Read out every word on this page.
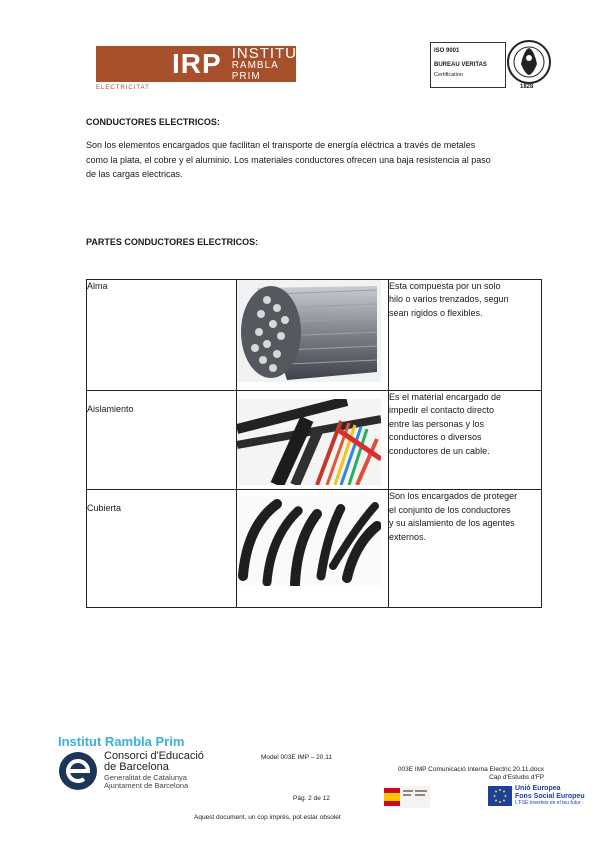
IRP INSTITUT
RAMBLA PRIM
ELECTRICITAT
ISO 9001
BUREAU VERITAS
Certification
1828
CONDUCTORES ELECTRICOS:
Son los elementos encargados que facilitan el transporte de energía eléctrica a través de metales
como la plata, el cobre y el aluminio. Los materiales conductores ofrecen una baja resistencia al paso
de las cargas electricas.
PARTES CONDUCTORES ELECTRICOS:
Alma		Esta compuesta por un solo
hilo o varios trenzados, segun
sean rigidos o flexibles.

Aislamiento		Es el material encargado de
impedir el contacto directo
entre las personas y los
conductores o diversos
conductores de un cable.

Cubierta		Son los encargados de proteger
el conjunto de los conductores
y su aislamiento de los agentes
externos.
Institut Rambla Prim
Consorci d'Educació
de Barcelona
Generalitat de Catalunya
Ajuntament de Barcelona
Model 003E IMP – 20.11
003E IMP Comunicació Interna Electric 20.11.docx
Cap d'Estudis d'FP
Pàg. 2 de 12
Aquest document, un cop imprès, pot estar obsolet
Unió Europea
Fons Social Europeu
L'FSE inverteix en el teu futur
